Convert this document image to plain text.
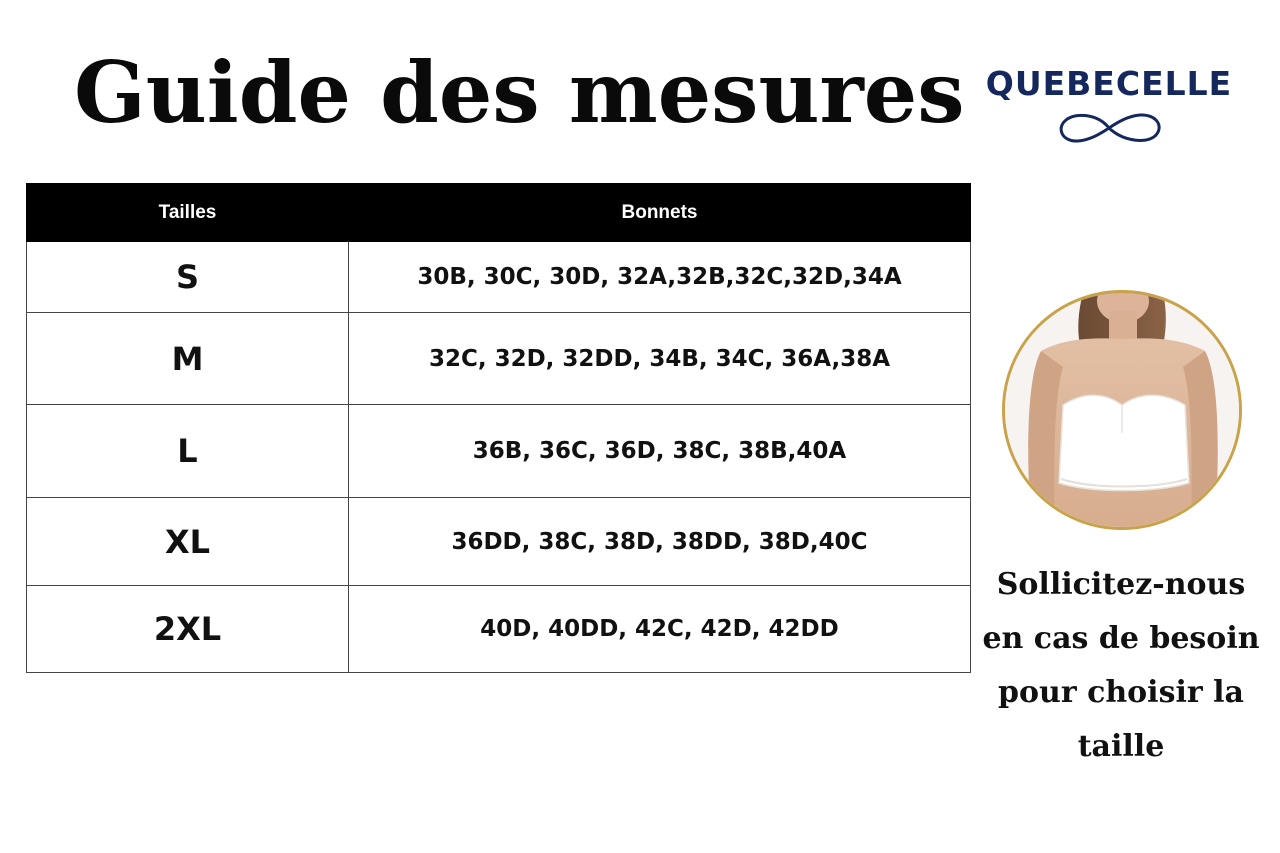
Guide des mesures QUEBECELLE
Tailles	Bonnets
S	30B, 30C, 30D, 32A,32B,32C,32D,34A
M	32C, 32D, 32DD, 34B, 34C, 36A,38A
L	36B, 36C, 36D, 38C, 38B,40A
XL	36DD, 38C, 38D, 38DD, 38D,40C
2XL	40D, 40DD, 42C, 42D, 42DD
Sollicitez-nous
en cas de besoin
pour choisir la
taille
